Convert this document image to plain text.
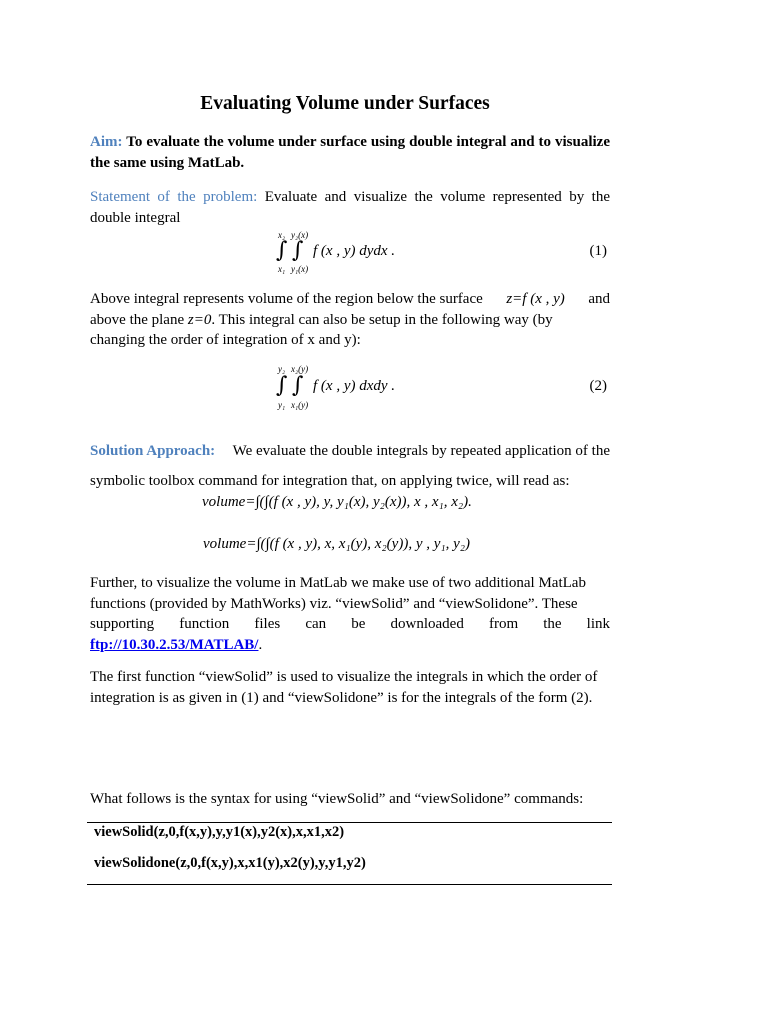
Evaluating Volume under Surfaces
Aim: To evaluate the volume under surface using double integral and to visualize the same using MatLab.
Statement of the problem: Evaluate and visualize the volume represented by the double integral
x₂ y₂(x)
∫ ∫
x₁ y₁(x)
f (x , y) dydx .	(1)
Above integral represents volume of the region below the surface z=f (x , y) and
above the plane z=0. This integral can also be setup in the following way (by
changing the order of integration of x and y):
y₂ x₂(y)
∫ ∫
y₁ x₁(y)
f (x , y) dxdy .	(2)
Solution Approach: We evaluate the double integrals by repeated application of the
symbolic toolbox command for integration that, on applying twice, will read as:
volume=∫(∫(f (x , y), y, y₁(x), y₂(x)), x , x₁, x₂).
volume=∫(∫(f (x , y), x, x₁(y), x₂(y)), y , y₁, y₂)
Further, to visualize the volume in MatLab we make use of two additional MatLab
functions (provided by MathWorks) viz. “viewSolid” and “viewSolidone”. These
supporting function files can be downloaded from the link
ftp://10.30.2.53/MATLAB/.
The first function “viewSolid” is used to visualize the integrals in which the order of
integration is as given in (1) and “viewSolidone” is for the integrals of the form (2).
What follows is the syntax for using “viewSolid” and “viewSolidone” commands:
viewSolid(z,0,f(x,y),y,y1(x),y2(x),x,x1,x2)
viewSolidone(z,0,f(x,y),x,x1(y),x2(y),y,y1,y2)
